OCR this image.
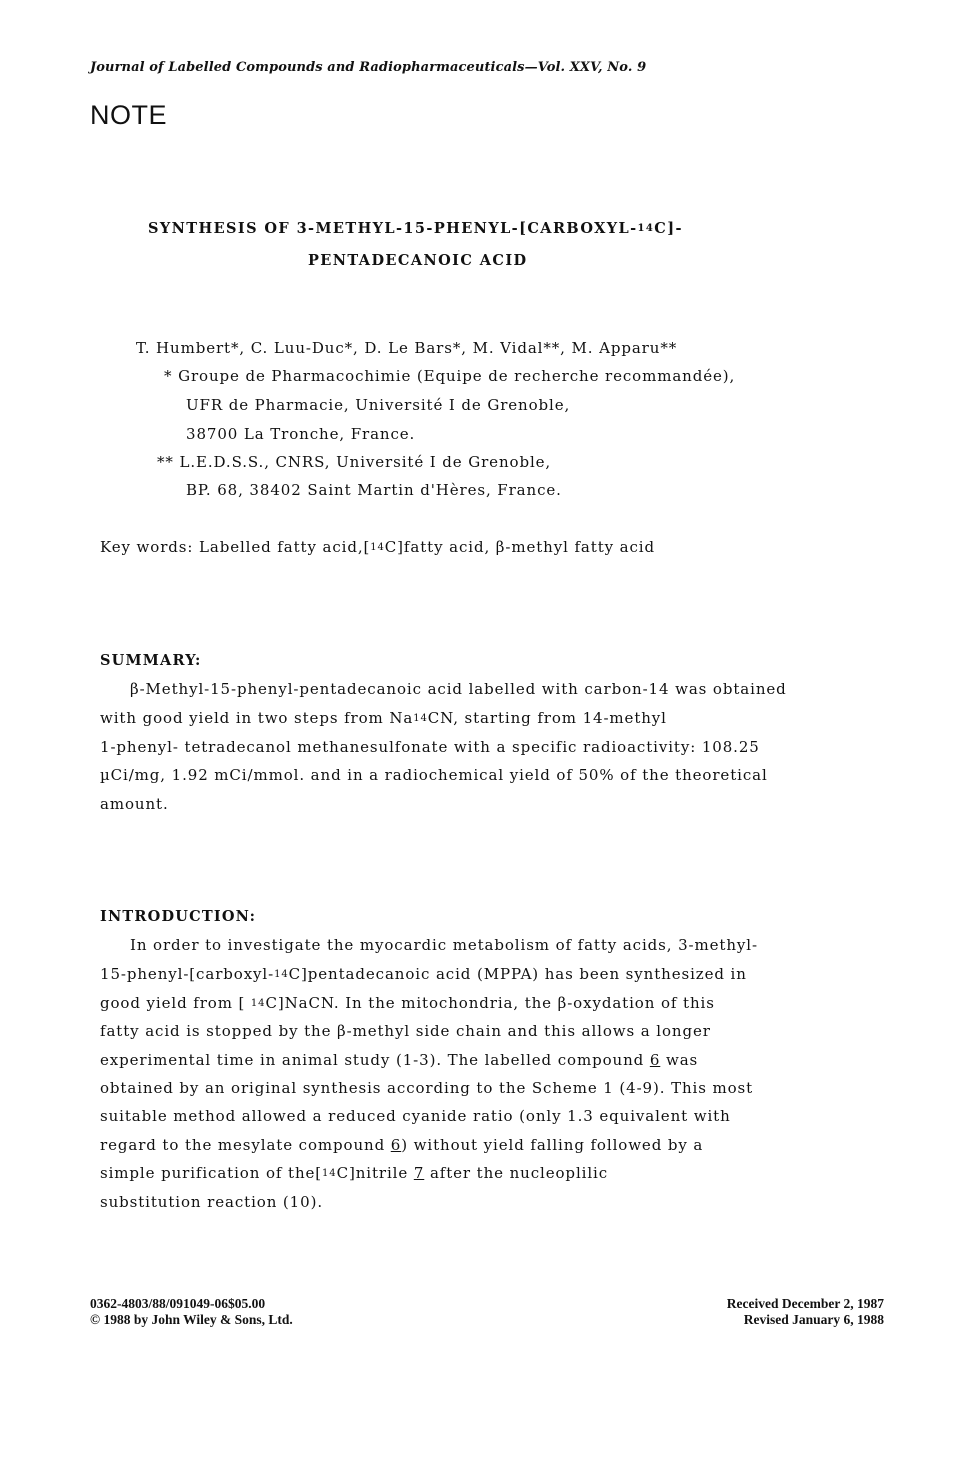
Journal of Labelled Compounds and Radiopharmaceuticals—Vol. XXV, No. 9
NOTE
SYNTHESIS OF 3-METHYL-15-PHENYL-[CARBOXYL-$^{14}$C]-
PENTADECANOIC ACID
T. Humbert*, C. Luu-Duc*, D. Le Bars*, M. Vidal**, M. Apparu**
* Groupe de Pharmacochimie (Equipe de recherche recommandée),
UFR de Pharmacie, Université I de Grenoble,
38700 La Tronche, France.
** L.E.D.S.S., CNRS, Université I de Grenoble,
BP. 68, 38402 Saint Martin d'Hères, France.
Key words: Labelled fatty acid,[$^{14}$C]fatty acid, β-methyl fatty acid
SUMMARY:
β-Methyl-15-phenyl-pentadecanoic acid labelled with carbon-14 was obtained
with good yield in two steps from Na$^{14}$CN, starting from 14-methyl
1-phenyl- tetradecanol methanesulfonate with a specific radioactivity: 108.25
µCi/mg, 1.92 mCi/mmol. and in a radiochemical yield of 50% of the theoretical
amount.
INTRODUCTION:
In order to investigate the myocardic metabolism of fatty acids, 3-methyl-
15-phenyl-[carboxyl-$^{14}$C]pentadecanoic acid (MPPA) has been synthesized in
good yield from [ $^{14}$C]NaCN. In the mitochondria, the β-oxydation of this
fatty acid is stopped by the β-methyl side chain and this allows a longer
experimental time in animal study (1-3). The labelled compound 6 was
obtained by an original synthesis according to the Scheme 1 (4-9). This most
suitable method allowed a reduced cyanide ratio (only 1.3 equivalent with
regard to the mesylate compound 6) without yield falling followed by a
simple purification of the[$^{14}$C]nitrile 7 after the nucleoplilic
substitution reaction (10).
0362-4803/88/091049-06$05.00
© 1988 by John Wiley & Sons, Ltd.
Received December 2, 1987
Revised January 6, 1988
